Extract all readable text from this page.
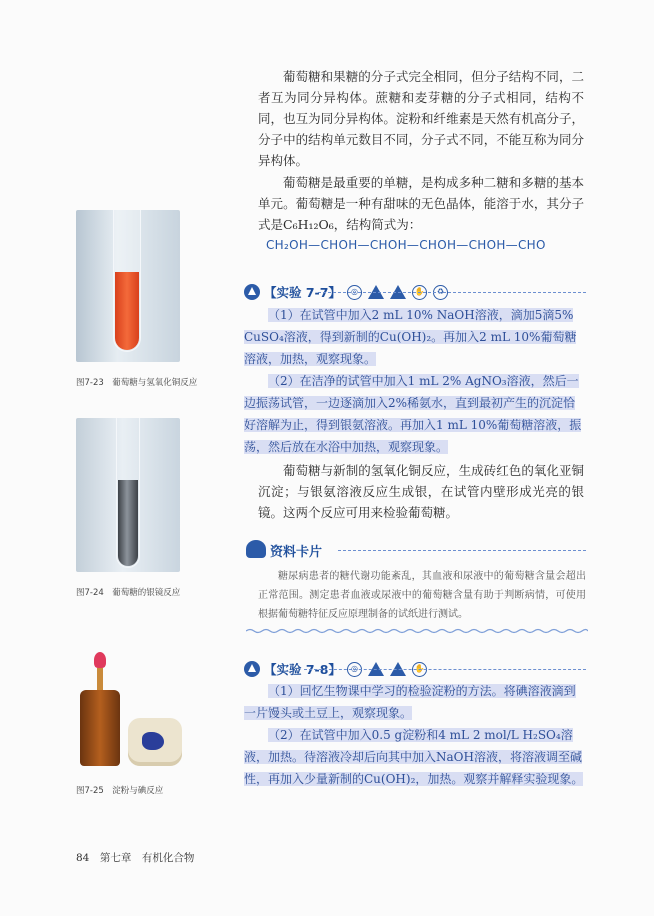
葡萄糖和果糖的分子式完全相同，但分子结构不同，二者互为同分异构体。蔗糖和麦芽糖的分子式相同，结构不同，也互为同分异构体。淀粉和纤维素是天然有机高分子，分子中的结构单元数目不同，分子式不同，不能互称为同分异构体。

葡萄糖是最重要的单糖，是构成多种二糖和多糖的基本单元。葡萄糖是一种有甜味的无色晶体，能溶于水，其分子式是C₆H₁₂O₆，结构简式为：

CH₂OH—CHOH—CHOH—CHOH—CHOH—CHO
【实验 7-7】	◎	✋	♻

（1）在试管中加入2 mL 10% NaOH溶液，滴加5滴5% CuSO₄溶液，得到新制的Cu(OH)₂。再加入2 mL 10%葡萄糖溶液，加热，观察现象。

（2）在洁净的试管中加入1 mL 2% AgNO₃溶液，然后一边振荡试管，一边逐滴加入2%稀氨水，直到最初产生的沉淀恰好溶解为止，得到银氨溶液。再加入1 mL 10%葡萄糖溶液，振荡，然后放在水浴中加热，观察现象。

葡萄糖与新制的氢氧化铜反应，生成砖红色的氧化亚铜沉淀；与银氨溶液反应生成银，在试管内壁形成光亮的银镜。这两个反应可用来检验葡萄糖。

资料卡片

糖尿病患者的糖代谢功能紊乱，其血液和尿液中的葡萄糖含量会超出正常范围。测定患者血液或尿液中的葡萄糖含量有助于判断病情，可使用根据葡萄糖特征反应原理制备的试纸进行测试。

【实验 7-8】	◎	✋

（1）回忆生物课中学习的检验淀粉的方法。将碘溶液滴到一片馒头或土豆上，观察现象。

（2）在试管中加入0.5 g淀粉和4 mL 2 mol/L H₂SO₄溶液，加热。待溶液冷却后向其中加入NaOH溶液，将溶液调至碱性，再加入少量新制的Cu(OH)₂，加热。观察并解释实验现象。

图7-23　葡萄糖与氢氧化铜反应
图7-24　葡萄糖的银镜反应
图7-25　淀粉与碘反应
84　第七章　有机化合物
